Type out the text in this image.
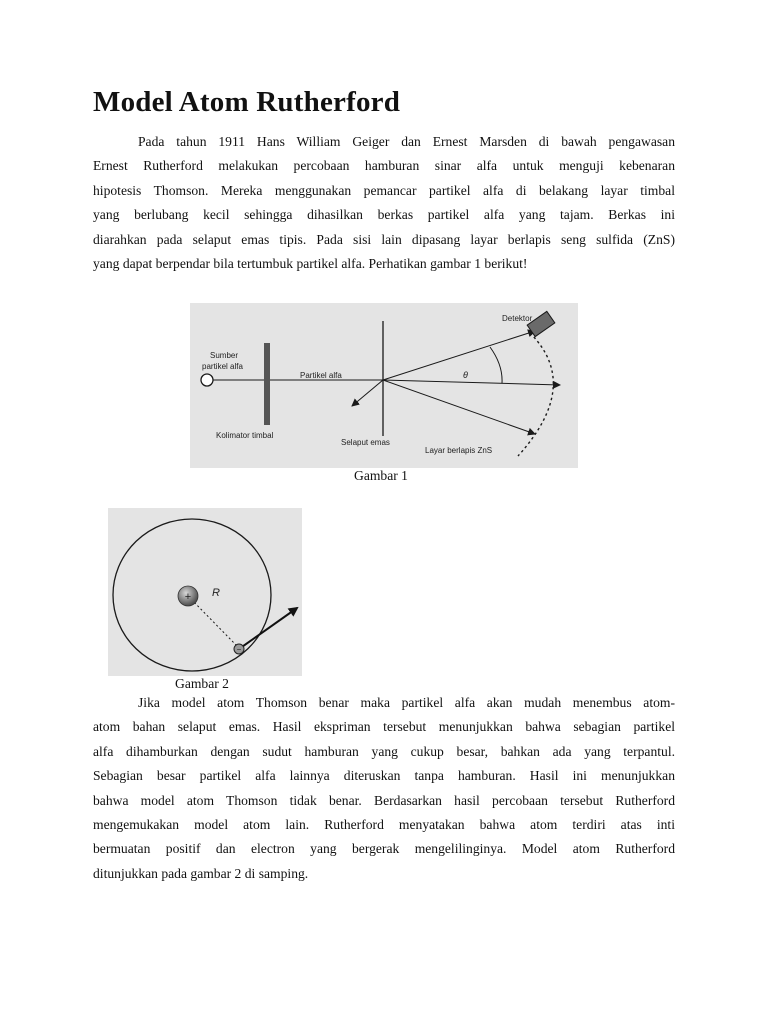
Model Atom Rutherford
Pada tahun 1911 Hans William Geiger dan Ernest Marsden di bawah pengawasan
Ernest Rutherford melakukan percobaan hamburan sinar alfa untuk menguji kebenaran
hipotesis Thomson. Mereka menggunakan pemancar partikel alfa di belakang layar timbal
yang berlubang kecil sehingga dihasilkan berkas partikel alfa yang tajam. Berkas ini
diarahkan pada selaput emas tipis. Pada sisi lain dipasang layar berlapis seng sulfida (ZnS)
yang dapat berpendar bila tertumbuk partikel alfa. Perhatikan gambar 1 berikut!
Sumber
partikel alfa
Kolimator timbal
Partikel alfa
Selaput emas
Layar berlapis ZnS
Detektor
θ

Gambar 1

+ R
−

Gambar 2

Jika model atom Thomson benar maka partikel alfa akan mudah menembus atom-
atom bahan selaput emas. Hasil ekspriman tersebut menunjukkan bahwa sebagian partikel
alfa dihamburkan dengan sudut hamburan yang cukup besar, bahkan ada yang terpantul.
Sebagian besar partikel alfa lainnya diteruskan tanpa hamburan. Hasil ini menunjukkan
bahwa model atom Thomson tidak benar. Berdasarkan hasil percobaan tersebut Rutherford
mengemukakan model atom lain. Rutherford menyatakan bahwa atom terdiri atas inti
bermuatan positif dan electron yang bergerak mengelilinginya. Model atom Rutherford
ditunjukkan pada gambar 2 di samping.
